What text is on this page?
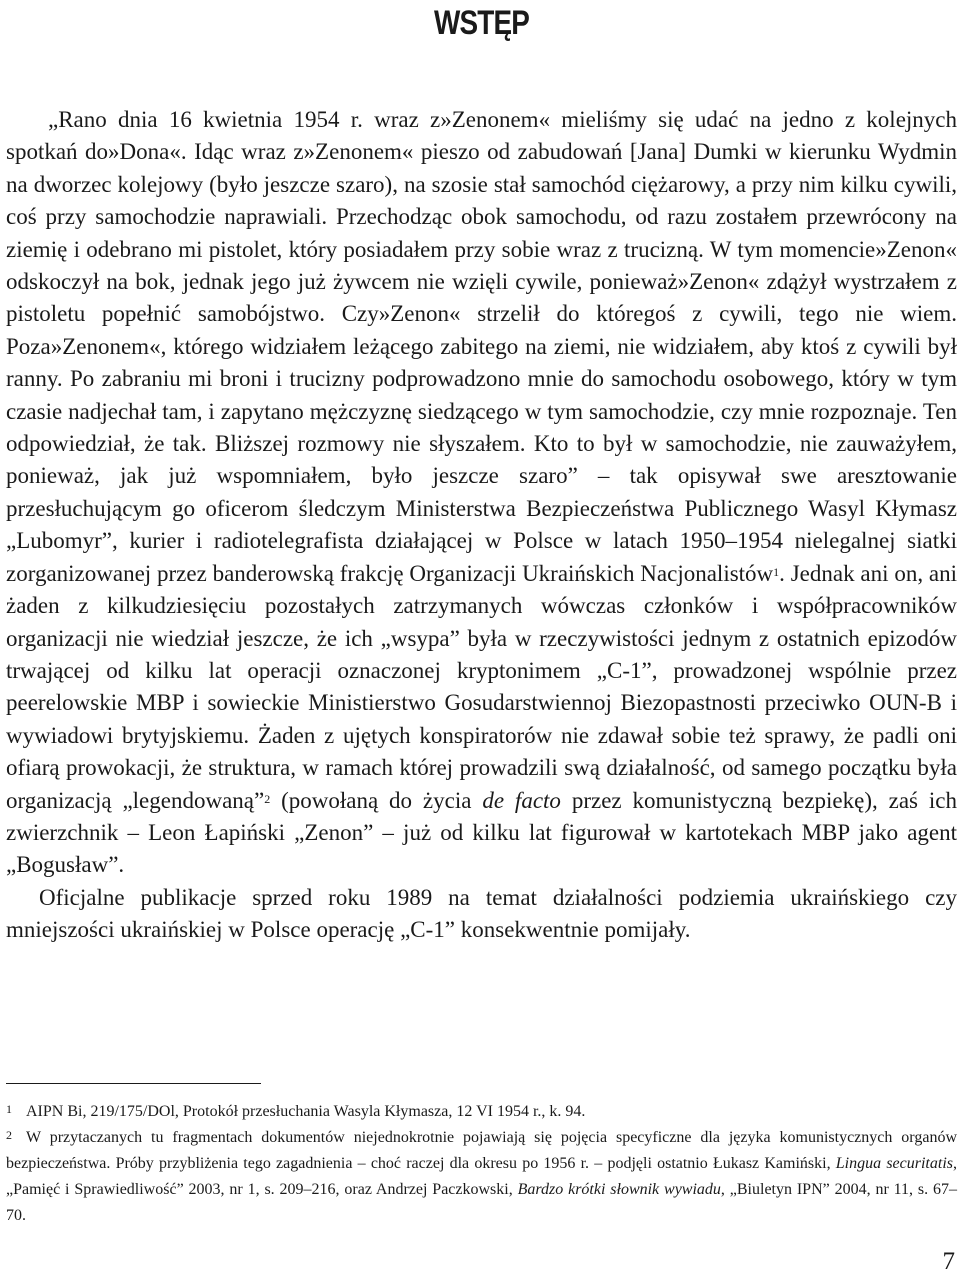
WSTĘP

„Rano dnia 16 kwietnia 1954 r. wraz z»Zenonem« mieliśmy się udać na jedno z kolejnych spotkań do»Dona«. Idąc wraz z»Zenonem« pieszo od zabudowań [Jana] Dumki w kierunku Wydmin na dworzec kolejowy (było jeszcze szaro), na szosie stał samochód ciężarowy, a przy nim kilku cywili, coś przy samochodzie naprawiali. Przechodząc obok samochodu, od razu zostałem przewrócony na ziemię i odebrano mi pistolet, który posiadałem przy sobie wraz z trucizną. W tym momencie»Zenon« odskoczył na bok, jednak jego już żywcem nie wzięli cywile, ponieważ»Zenon« zdążył wystrzałem z pistoletu popełnić samobójstwo. Czy»Zenon« strzelił do któregoś z cywili, tego nie wiem. Poza»Zenonem«, którego widziałem leżącego zabitego na ziemi, nie widziałem, aby ktoś z cywili był ranny. Po zabraniu mi broni i trucizny podprowadzono mnie do samochodu osobowego, który w tym czasie nadjechał tam, i zapytano mężczyznę siedzącego w tym samochodzie, czy mnie rozpoznaje. Ten odpowiedział, że tak. Bliższej rozmowy nie słyszałem. Kto to był w samochodzie, nie zauważyłem, ponieważ, jak już wspomniałem, było jeszcze szaro” – tak opisywał swe aresztowanie przesłuchującym go oficerom śledczym Ministerstwa Bezpieczeństwa Publicznego Wasyl Kłymasz „Lubomyr”, kurier i radiotelegrafista działającej w Polsce w latach 1950–1954 nielegalnej siatki zorganizowanej przez banderowską frakcję Organizacji Ukraińskich Nacjonalistów$^1$. Jednak ani on, ani żaden z kilkudziesięciu pozostałych zatrzymanych wówczas członków i współpracowników organizacji nie wiedział jeszcze, że ich „wsypa” była w rzeczywistości jednym z ostatnich epizodów trwającej od kilku lat operacji oznaczonej kryptonimem „C-1”, prowadzonej wspólnie przez peerelowskie MBP i sowieckie Ministierstwo Gosudarstwiennoj Biezopastnosti przeciwko OUN-B i wywiadowi brytyjskiemu. Żaden z ujętych konspiratorów nie zdawał sobie też sprawy, że padli oni ofiarą prowokacji, że struktura, w ramach której prowadzili swą działalność, od samego początku była organizacją „legendowaną”$^2$ (powołaną do życia de facto przez komunistyczną bezpiekę), zaś ich zwierzchnik – Leon Łapiński „Zenon” – już od kilku lat figurował w kartotekach MBP jako agent „Bogusław”.

Oficjalne publikacje sprzed roku 1989 na temat działalności podziemia ukraińskiego czy mniejszości ukraińskiej w Polsce operację „C-1” konsekwentnie pomijały.

1 AIPN Bi, 219/175/DOl, Protokół przesłuchania Wasyla Kłymasza, 12 VI 1954 r., k. 94.

2 W przytaczanych tu fragmentach dokumentów niejednokrotnie pojawiają się pojęcia specyficzne dla języka komunistycznych organów bezpieczeństwa. Próby przybliżenia tego zagadnienia – choć raczej dla okresu po 1956 r. – podjęli ostatnio Łukasz Kamiński, Lingua securitatis, „Pamięć i Sprawiedliwość” 2003, nr 1, s. 209–216, oraz Andrzej Paczkowski, Bardzo krótki słownik wywiadu, „Biuletyn IPN” 2004, nr 11, s. 67–70.

7
